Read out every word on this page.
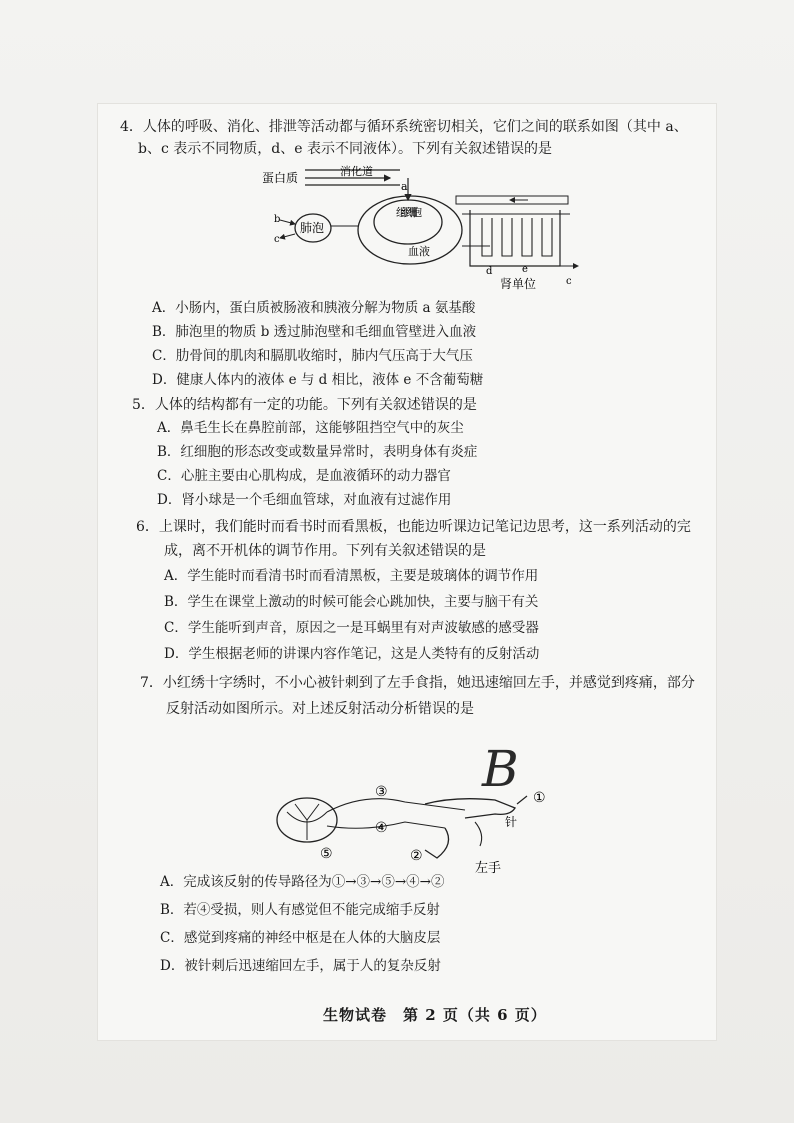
4．人体的呼吸、消化、排泄等活动都与循环系统密切相关，它们之间的联系如图（其中 a、
b、c 表示不同物质，d、e 表示不同液体）。下列有关叙述错误的是
蛋白质	消化道
a
组织细胞
血液
肺泡
b
c
d	e
肾单位	c
A．小肠内，蛋白质被肠液和胰液分解为物质 a 氨基酸
B．肺泡里的物质 b 透过肺泡壁和毛细血管壁进入血液
C．肋骨间的肌肉和膈肌收缩时，肺内气压高于大气压
D．健康人体内的液体 e 与 d 相比，液体 e 不含葡萄糖
5．人体的结构都有一定的功能。下列有关叙述错误的是
A．鼻毛生长在鼻腔前部，这能够阻挡空气中的灰尘
B．红细胞的形态改变或数量异常时，表明身体有炎症
C．心脏主要由心肌构成，是血液循环的动力器官
D．肾小球是一个毛细血管球，对血液有过滤作用
6．上课时，我们能时而看书时而看黑板，也能边听课边记笔记边思考，这一系列活动的完
成，离不开机体的调节作用。下列有关叙述错误的是
A．学生能时而看清书时而看清黑板，主要是玻璃体的调节作用
B．学生在课堂上激动的时候可能会心跳加快，主要与脑干有关
C．学生能听到声音，原因之一是耳蜗里有对声波敏感的感受器
D．学生根据老师的讲课内容作笔记，这是人类特有的反射活动
7．小红绣十字绣时，不小心被针刺到了左手食指，她迅速缩回左手，并感觉到疼痛，部分
反射活动如图所示。对上述反射活动分析错误的是
B ①
针
③
④
②
⑤
左手
A．完成该反射的传导路径为①→③→⑤→④→②
B．若④受损，则人有感觉但不能完成缩手反射
C．感觉到疼痛的神经中枢是在人体的大脑皮层
D．被针刺后迅速缩回左手，属于人的复杂反射
生物试卷　第 2 页（共 6 页）
